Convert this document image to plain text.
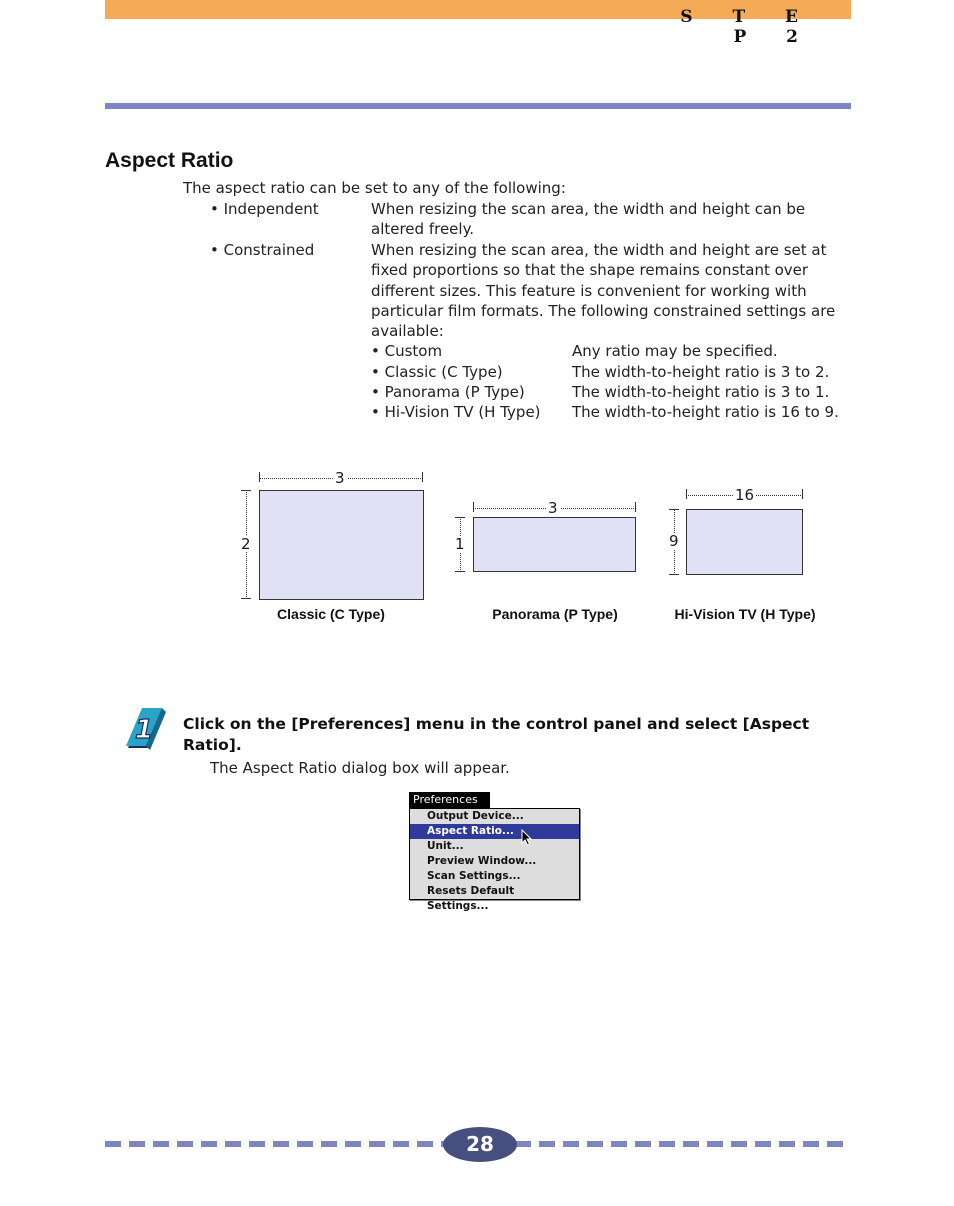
S T E P 2
Aspect Ratio
The aspect ratio can be set to any of the following:
• Independent	When resizing the scan area, the width and height can be altered freely.
• Constrained	When resizing the scan area, the width and height are set at fixed proportions so that the shape remains constant over different sizes. This feature is convenient for working with particular film formats. The following constrained settings are available:
• Custom	Any ratio may be specified.
• Classic (C Type)	The width-to-height ratio is 3 to 2.
• Panorama (P Type)	The width-to-height ratio is 3 to 1.
• Hi-Vision TV (H Type) The width-to-height ratio is 16 to 9.
3
2
Classic (C Type)
3
1
Panorama (P Type)
16
9
Hi-Vision TV (H Type)
1 Click on the [Preferences] menu in the control panel and select [Aspect Ratio].
The Aspect Ratio dialog box will appear.
Preferences
Output Device...
Aspect Ratio...
Unit...
Preview Window...
Scan Settings...
Resets Default Settings...
28
